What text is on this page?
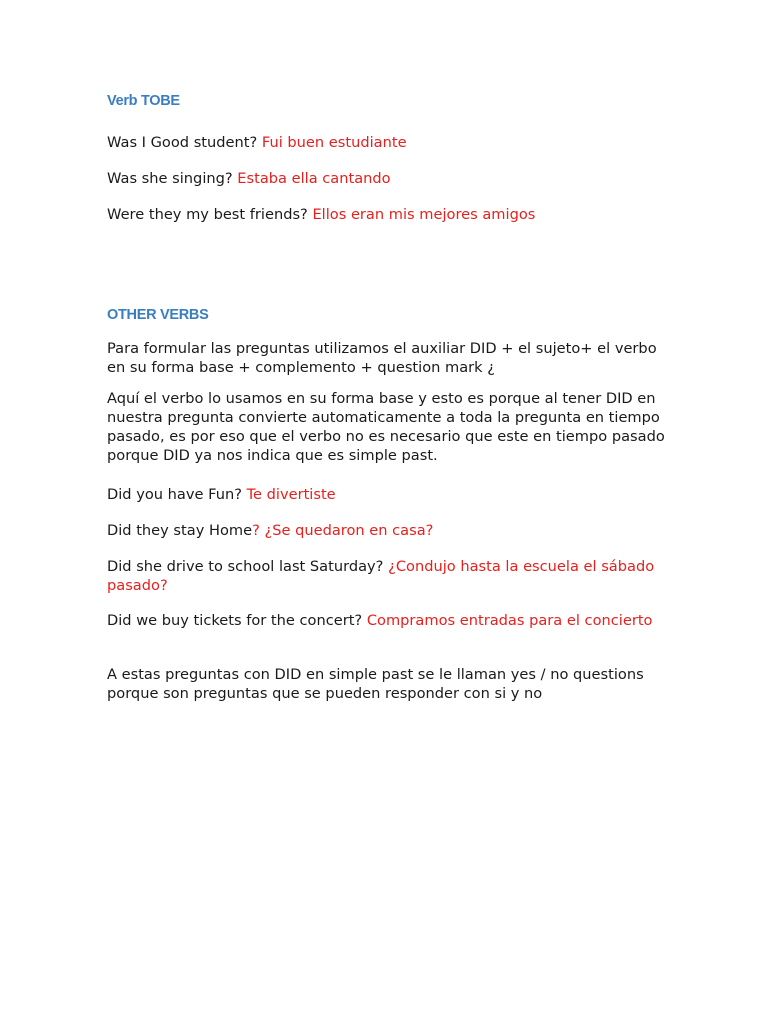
Verb TOBE
Was I Good student? Fui buen estudiante
Was she singing? Estaba ella cantando
Were they my best friends? Ellos eran mis mejores amigos
OTHER VERBS
Para formular las preguntas utilizamos el auxiliar DID + el sujeto+ el verbo en su forma base + complemento + question mark ¿
Aquí el verbo lo usamos en su forma base y esto es porque al tener DID en nuestra pregunta convierte automaticamente a toda la pregunta en tiempo pasado, es por eso que el verbo no es necesario que este en tiempo pasado porque DID ya nos indica que es simple past.
Did you have Fun? Te divertiste
Did they stay Home? ¿Se quedaron en casa?
Did she drive to school last Saturday? ¿Condujo hasta la escuela el sábado pasado?
Did we buy tickets for the concert? Compramos entradas para el concierto
A estas preguntas con DID en simple past se le llaman yes / no questions porque son preguntas que se pueden responder con si y no
